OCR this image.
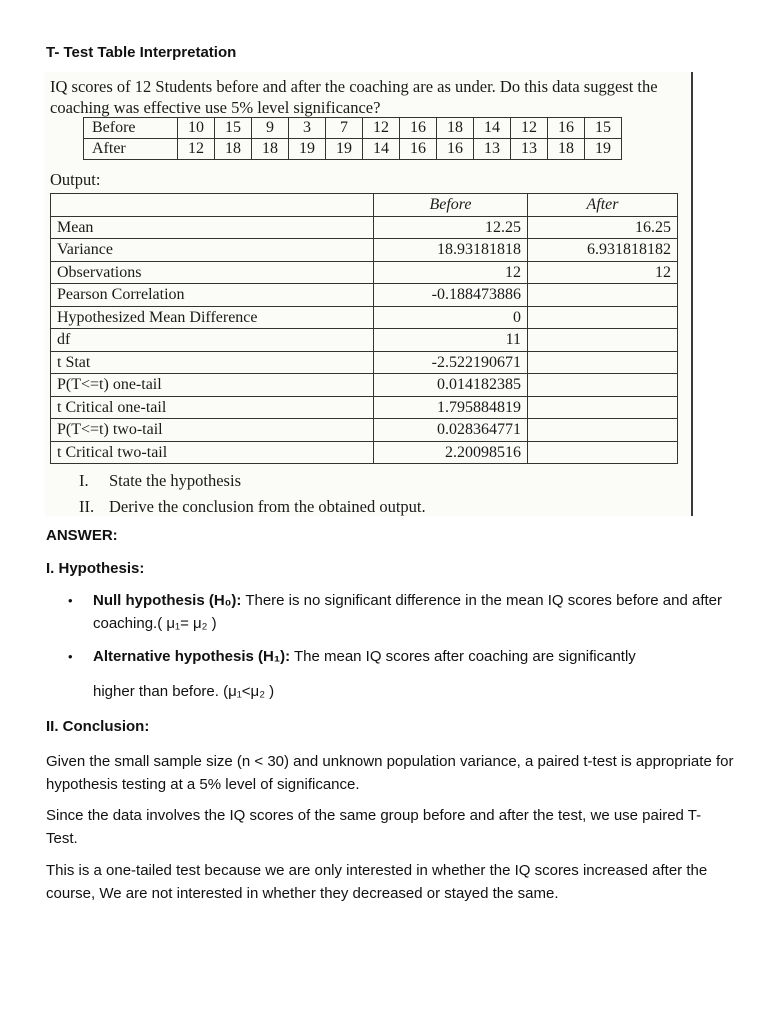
T- Test Table Interpretation

IQ scores of 12 Students before and after the coaching are as under. Do this data suggest the coaching was effective use 5% level significance?

Before	10	15	9	3	7	12	16	18	14	12	16	15
After	12	18	18	19	19	14	16	16	13	13	18	19

Output:

	Before	After
Mean	12.25	16.25
Variance	18.93181818	6.931818182
Observations	12	12
Pearson Correlation	-0.188473886	
Hypothesized Mean Difference	0	
df	11	
t Stat	-2.522190671	
P(T<=t) one-tail	0.014182385	
t Critical one-tail	1.795884819	
P(T<=t) two-tail	0.028364771	
t Critical two-tail	2.20098516	
I. State the hypothesis
II. Derive the conclusion from the obtained output.
ANSWER:
I. Hypothesis:
• Null hypothesis (H₀): There is no significant difference in the mean IQ scores before and after coaching.( μ₁= μ₂ )
• Alternative hypothesis (H₁): The mean IQ scores after coaching are significantly
higher than before. (μ₁<μ₂ )
II. Conclusion:

Given the small sample size (n < 30) and unknown population variance, a paired t-test is appropriate for hypothesis testing at a 5% level of significance.

Since the data involves the IQ scores of the same group before and after the test, we use paired T- Test.

This is a one-tailed test because we are only interested in whether the IQ scores increased after the course, We are not interested in whether they decreased or stayed the same.
